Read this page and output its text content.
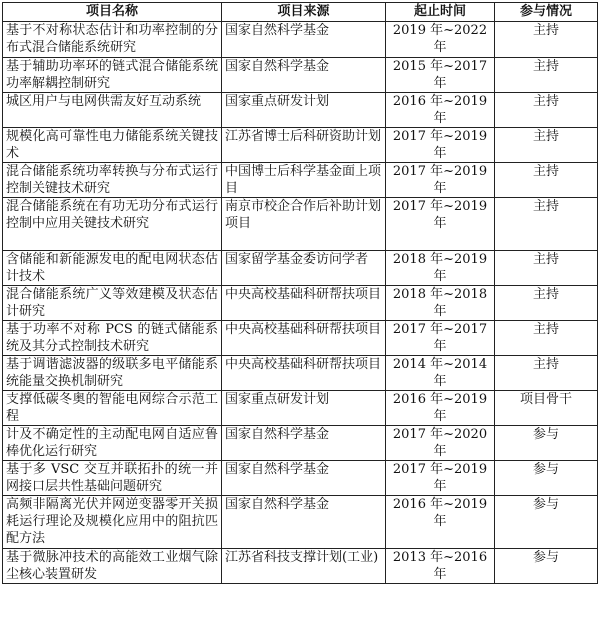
项目名称	项目来源	起止时间	参与情况
基于不对称状态估计和功率控制的分布式混合储能系统研究	国家自然科学基金	2019 年~2022 年	主持
基于辅助功率环的链式混合储能系统功率解耦控制研究	国家自然科学基金	2015 年~2017 年	主持
城区用户与电网供需友好互动系统	国家重点研发计划	2016 年~2019 年	主持
规模化高可靠性电力储能系统关键技术	江苏省博士后科研资助计划	2017 年~2019 年	主持
混合储能系统功率转换与分布式运行控制关键技术研究	中国博士后科学基金面上项目	2017 年~2019 年	主持
混合储能系统在有功无功分布式运行控制中应用关键技术研究	南京市校企合作后补助计划项目	2017 年~2019 年	主持
含储能和新能源发电的配电网状态估计技术	国家留学基金委访问学者	2018 年~2019 年	主持
混合储能系统广义等效建模及状态估计研究	中央高校基础科研帮扶项目	2018 年~2018 年	主持
基于功率不对称 PCS 的链式储能系统及其分式控制技术研究	中央高校基础科研帮扶项目	2017 年~2017 年	主持
基于调谐滤波器的级联多电平储能系统能量交换机制研究	中央高校基础科研帮扶项目	2014 年~2014 年	主持
支撑低碳冬奥的智能电网综合示范工程	国家重点研发计划	2016 年~2019 年	项目骨干
计及不确定性的主动配电网自适应鲁棒优化运行研究	国家自然科学基金	2017 年~2020 年	参与
基于多 VSC 交互并联拓扑的统一并网接口层共性基础问题研究	国家自然科学基金	2017 年~2019 年	参与
高频非隔离光伏并网逆变器零开关损耗运行理论及规模化应用中的阻抗匹配方法	国家自然科学基金	2016 年~2019 年	参与
基于微脉冲技术的高能效工业烟气除尘核心装置研发	江苏省科技支撑计划(工业)	2013 年~2016 年	参与
